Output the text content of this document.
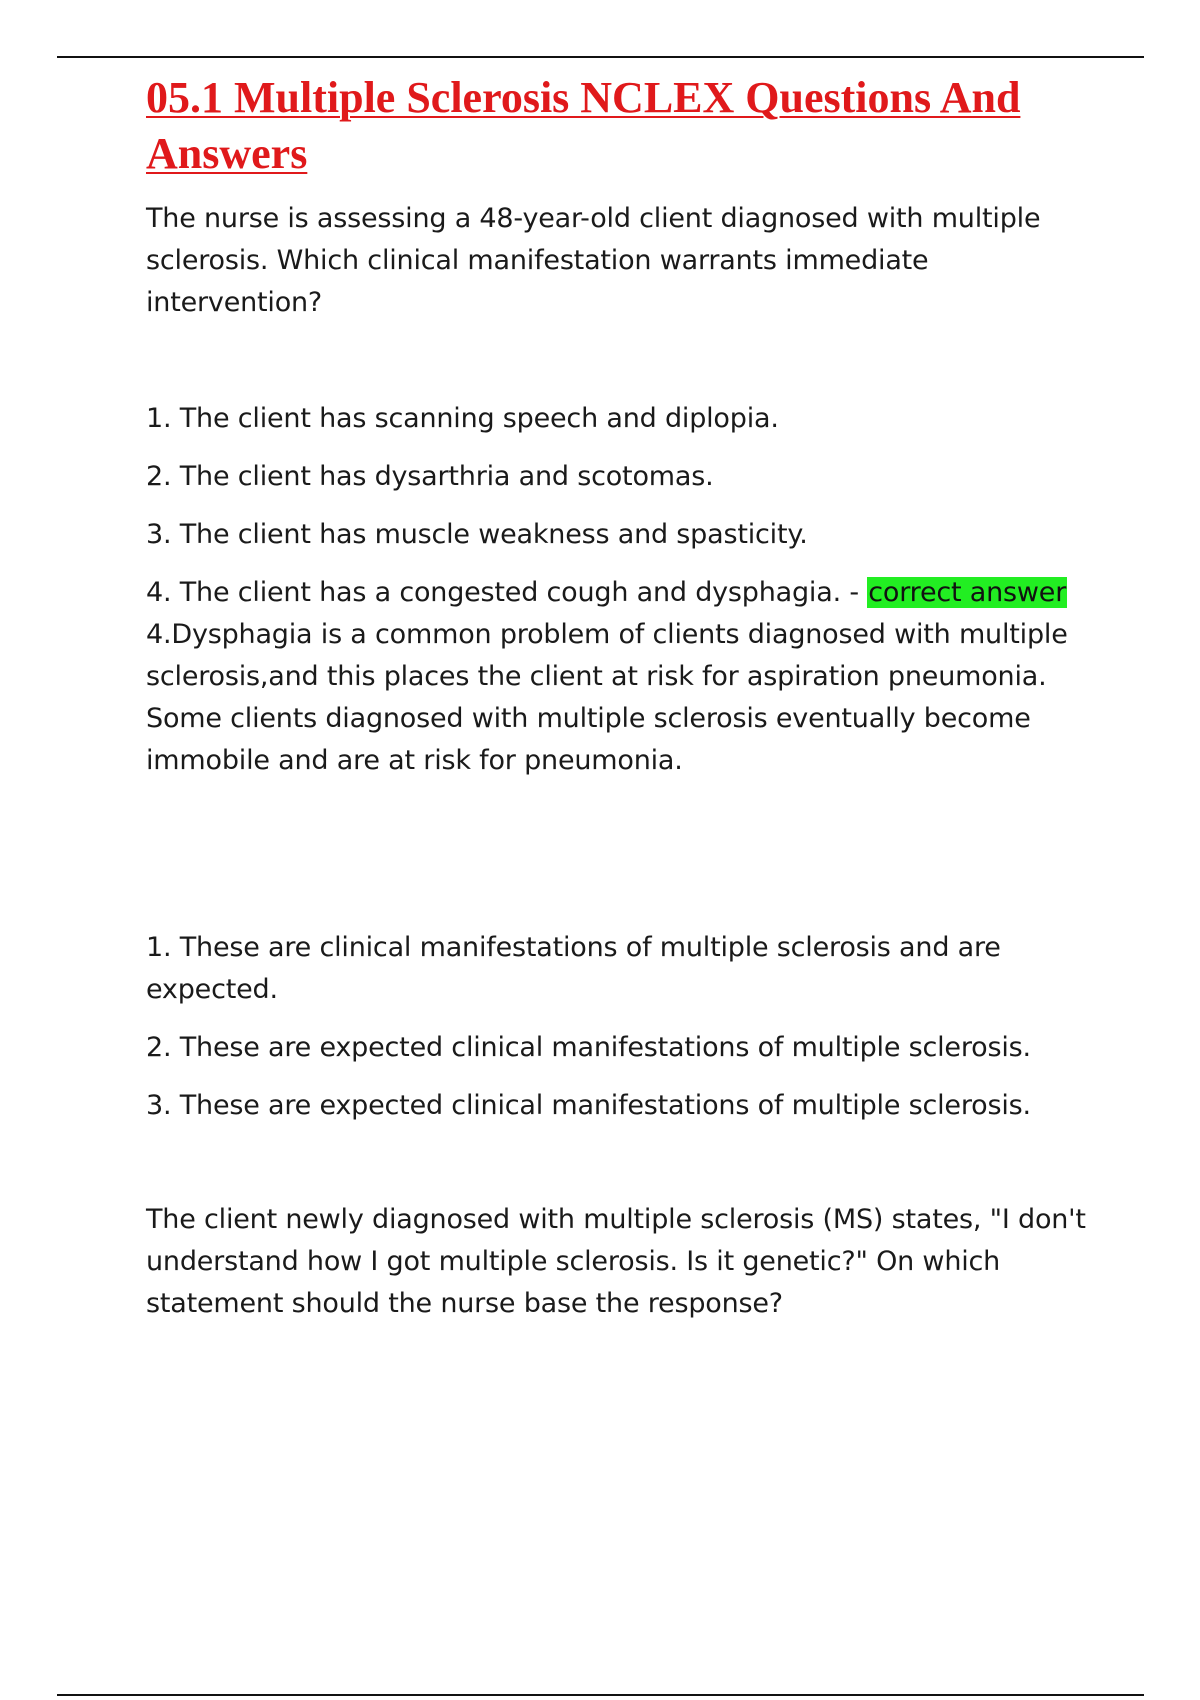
05.1 Multiple Sclerosis NCLEX Questions And Answers

The nurse is assessing a 48-year-old client diagnosed with multiple sclerosis. Which clinical manifestation warrants immediate intervention?

1. The client has scanning speech and diplopia.

2. The client has dysarthria and scotomas.

3. The client has muscle weakness and spasticity.

4. The client has a congested cough and dysphagia. - correct answer

4.Dysphagia is a common problem of clients diagnosed with multiple sclerosis,and this places the client at risk for aspiration pneumonia. Some clients diagnosed with multiple sclerosis eventually become immobile and are at risk for pneumonia.

1. These are clinical manifestations of multiple sclerosis and are expected.

2. These are expected clinical manifestations of multiple sclerosis.

3. These are expected clinical manifestations of multiple sclerosis.

The client newly diagnosed with multiple sclerosis (MS) states, "I don't understand how I got multiple sclerosis. Is it genetic?" On which statement should the nurse base the response?
